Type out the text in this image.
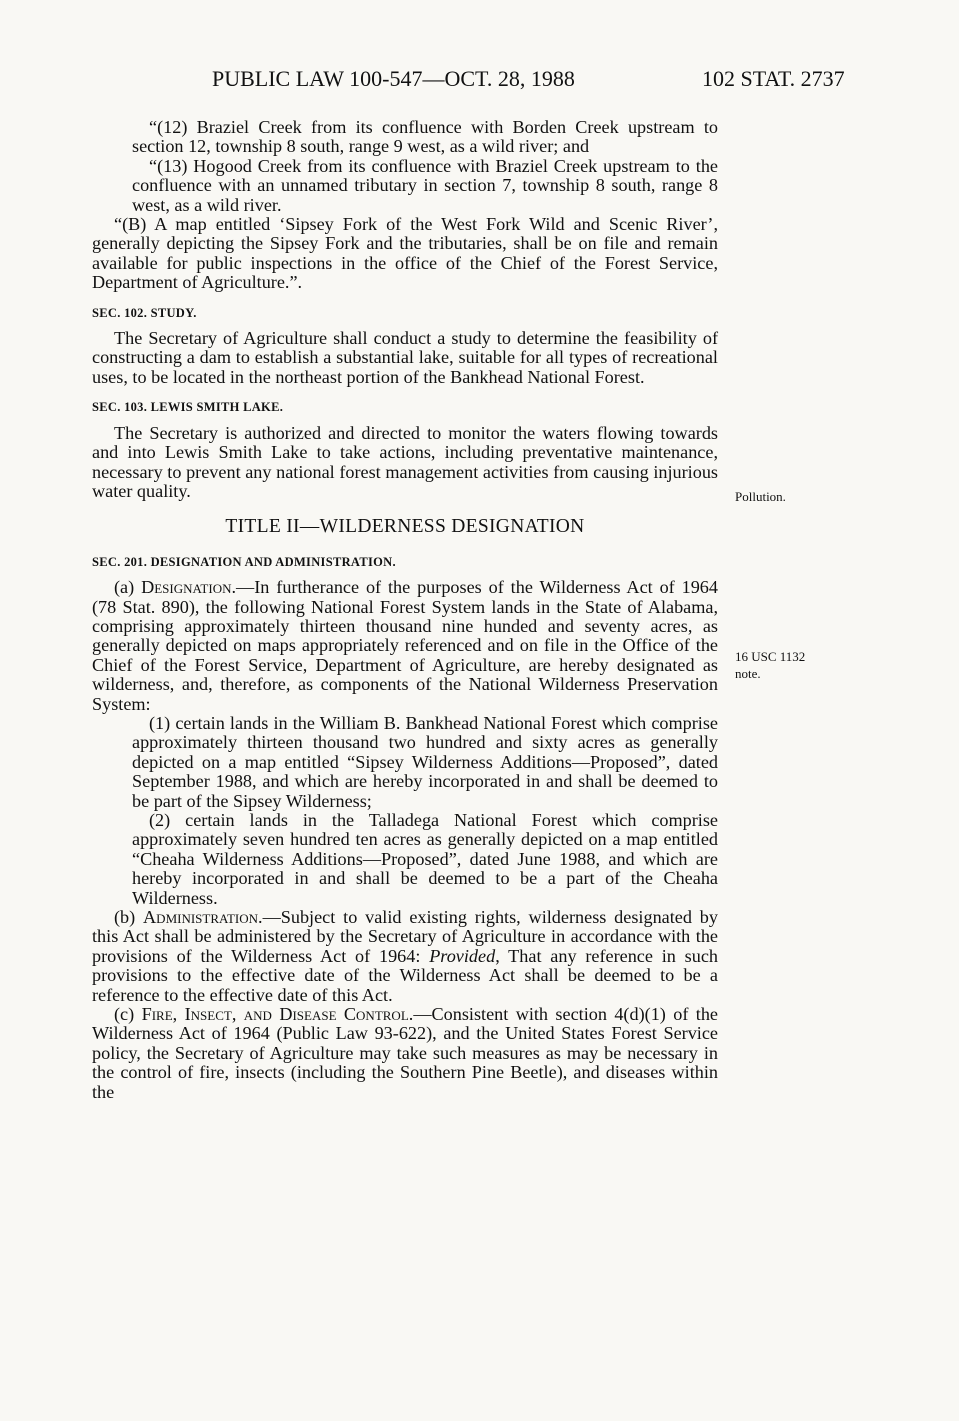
PUBLIC LAW 100-547—OCT. 28, 1988	102 STAT. 2737

“(12) Braziel Creek from its confluence with Borden Creek upstream to section 12, township 8 south, range 9 west, as a wild river; and

“(13) Hogood Creek from its confluence with Braziel Creek upstream to the confluence with an unnamed tributary in section 7, township 8 south, range 8 west, as a wild river.

“(B) A map entitled ‘Sipsey Fork of the West Fork Wild and Scenic River’, generally depicting the Sipsey Fork and the tributaries, shall be on file and remain available for public inspections in the office of the Chief of the Forest Service, Department of Agriculture.”.

SEC. 102. STUDY.

The Secretary of Agriculture shall conduct a study to determine the feasibility of constructing a dam to establish a substantial lake, suitable for all types of recreational uses, to be located in the northeast portion of the Bankhead National Forest.

SEC. 103. LEWIS SMITH LAKE.

The Secretary is authorized and directed to monitor the waters flowing towards and into Lewis Smith Lake to take actions, including preventative maintenance, necessary to prevent any national forest management activities from causing injurious water quality.

TITLE II—WILDERNESS DESIGNATION

SEC. 201. DESIGNATION AND ADMINISTRATION.

(a) Designation.—In furtherance of the purposes of the Wilderness Act of 1964 (78 Stat. 890), the following National Forest System lands in the State of Alabama, comprising approximately thirteen thousand nine hunded and seventy acres, as generally depicted on maps appropriately referenced and on file in the Office of the Chief of the Forest Service, Department of Agriculture, are hereby designated as wilderness, and, therefore, as components of the National Wilderness Preservation System:

(1) certain lands in the William B. Bankhead National Forest which comprise approximately thirteen thousand two hundred and sixty acres as generally depicted on a map entitled “Sipsey Wilderness Additions—Proposed”, dated September 1988, and which are hereby incorporated in and shall be deemed to be part of the Sipsey Wilderness;

(2) certain lands in the Talladega National Forest which comprise approximately seven hundred ten acres as generally depicted on a map entitled “Cheaha Wilderness Additions—Proposed”, dated June 1988, and which are hereby incorporated in and shall be deemed to be a part of the Cheaha Wilderness.

(b) Administration.—Subject to valid existing rights, wilderness designated by this Act shall be administered by the Secretary of Agriculture in accordance with the provisions of the Wilderness Act of 1964: Provided, That any reference in such provisions to the effective date of the Wilderness Act shall be deemed to be a reference to the effective date of this Act.

(c) Fire, Insect, and Disease Control.—Consistent with section 4(d)(1) of the Wilderness Act of 1964 (Public Law 93-622), and the United States Forest Service policy, the Secretary of Agriculture may take such measures as may be necessary in the control of fire, insects (including the Southern Pine Beetle), and diseases within the

Pollution.
16 USC 1132
note.
